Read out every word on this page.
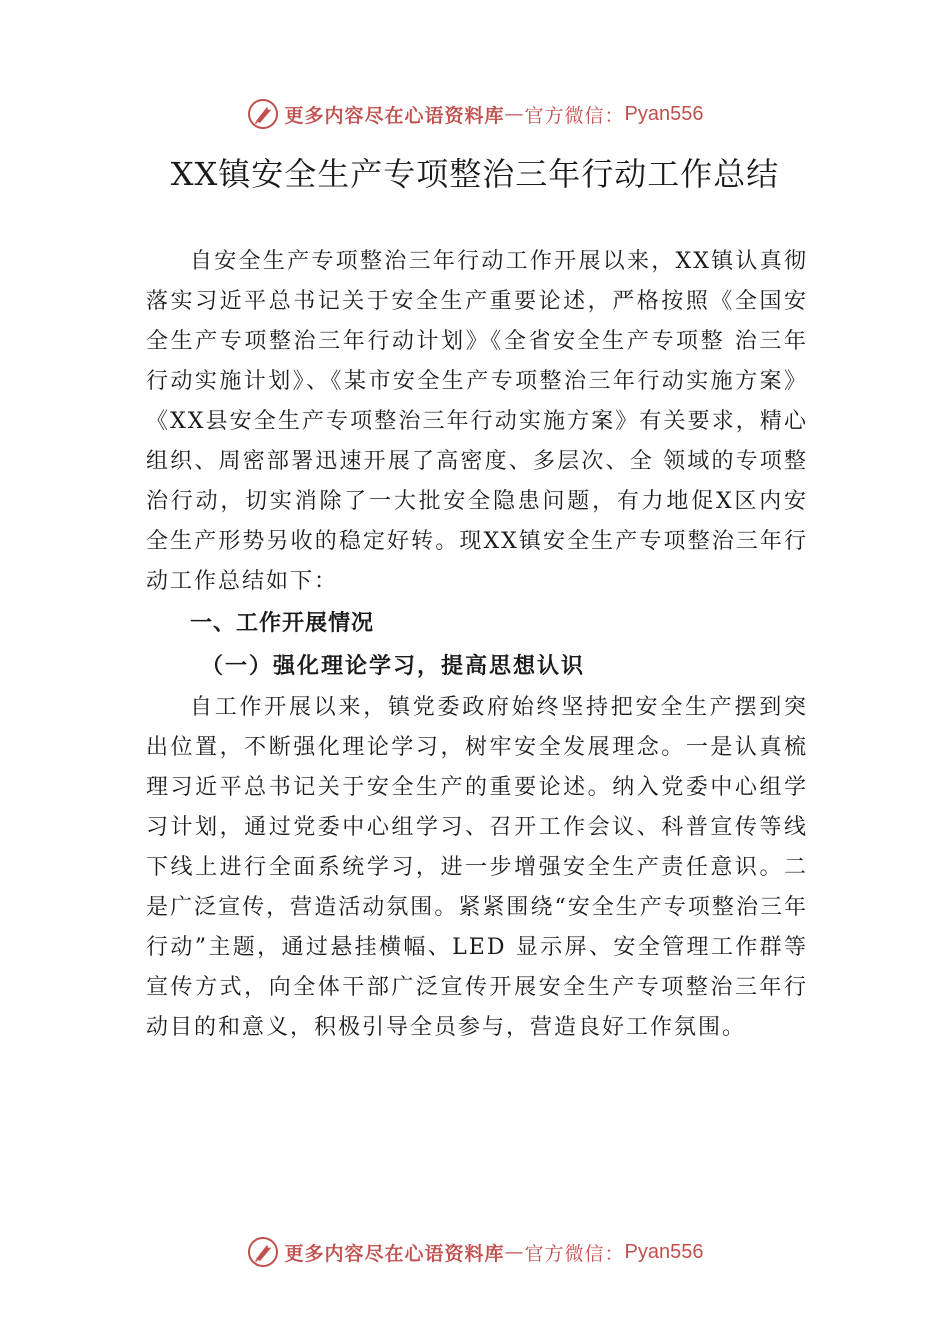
更多内容尽在心语资料库 — 官方微信： Pyan556
XX镇安全生产专项整治三年行动工作总结

自安全生产专项整治三年行动工作开展以来，XX镇认真彻落实习近平总书记关于安全生产重要论述，严格按照《全国安全生产专项整治三年行动计划》《全省安全生产专项整 治三年行动实施计划》、《某市安全生产专项整治三年行动实施方案》《XX县安全生产专项整治三年行动实施方案》有关要求，精心组织、周密部署迅速开展了高密度、多层次、全 领域的专项整治行动，切实消除了一大批安全隐患问题，有力地促X区内安全生产形势另收的稳定好转。现XX镇安全生产专项整治三年行动工作总结如下：

一、工作开展情况
（一）强化理论学习，提高思想认识

自工作开展以来，镇党委政府始终坚持把安全生产摆到突出位置，不断强化理论学习，树牢安全发展理念。一是认真梳理习近平总书记关于安全生产的重要论述。纳入党委中心组学习计划，通过党委中心组学习、召开工作会议、科普宣传等线下线上进行全面系统学习，进一步增强安全生产责任意识。二是广泛宣传，营造活动氛围。紧紧围绕“安全生产专项整治三年行动”主题，通过悬挂横幅、LED 显示屏、安全管理工作群等宣传方式，向全体干部广泛宣传开展安全生产专项整治三年行动目的和意义，积极引导全员参与，营造良好工作氛围。

更多内容尽在心语资料库 — 官方微信： Pyan556
